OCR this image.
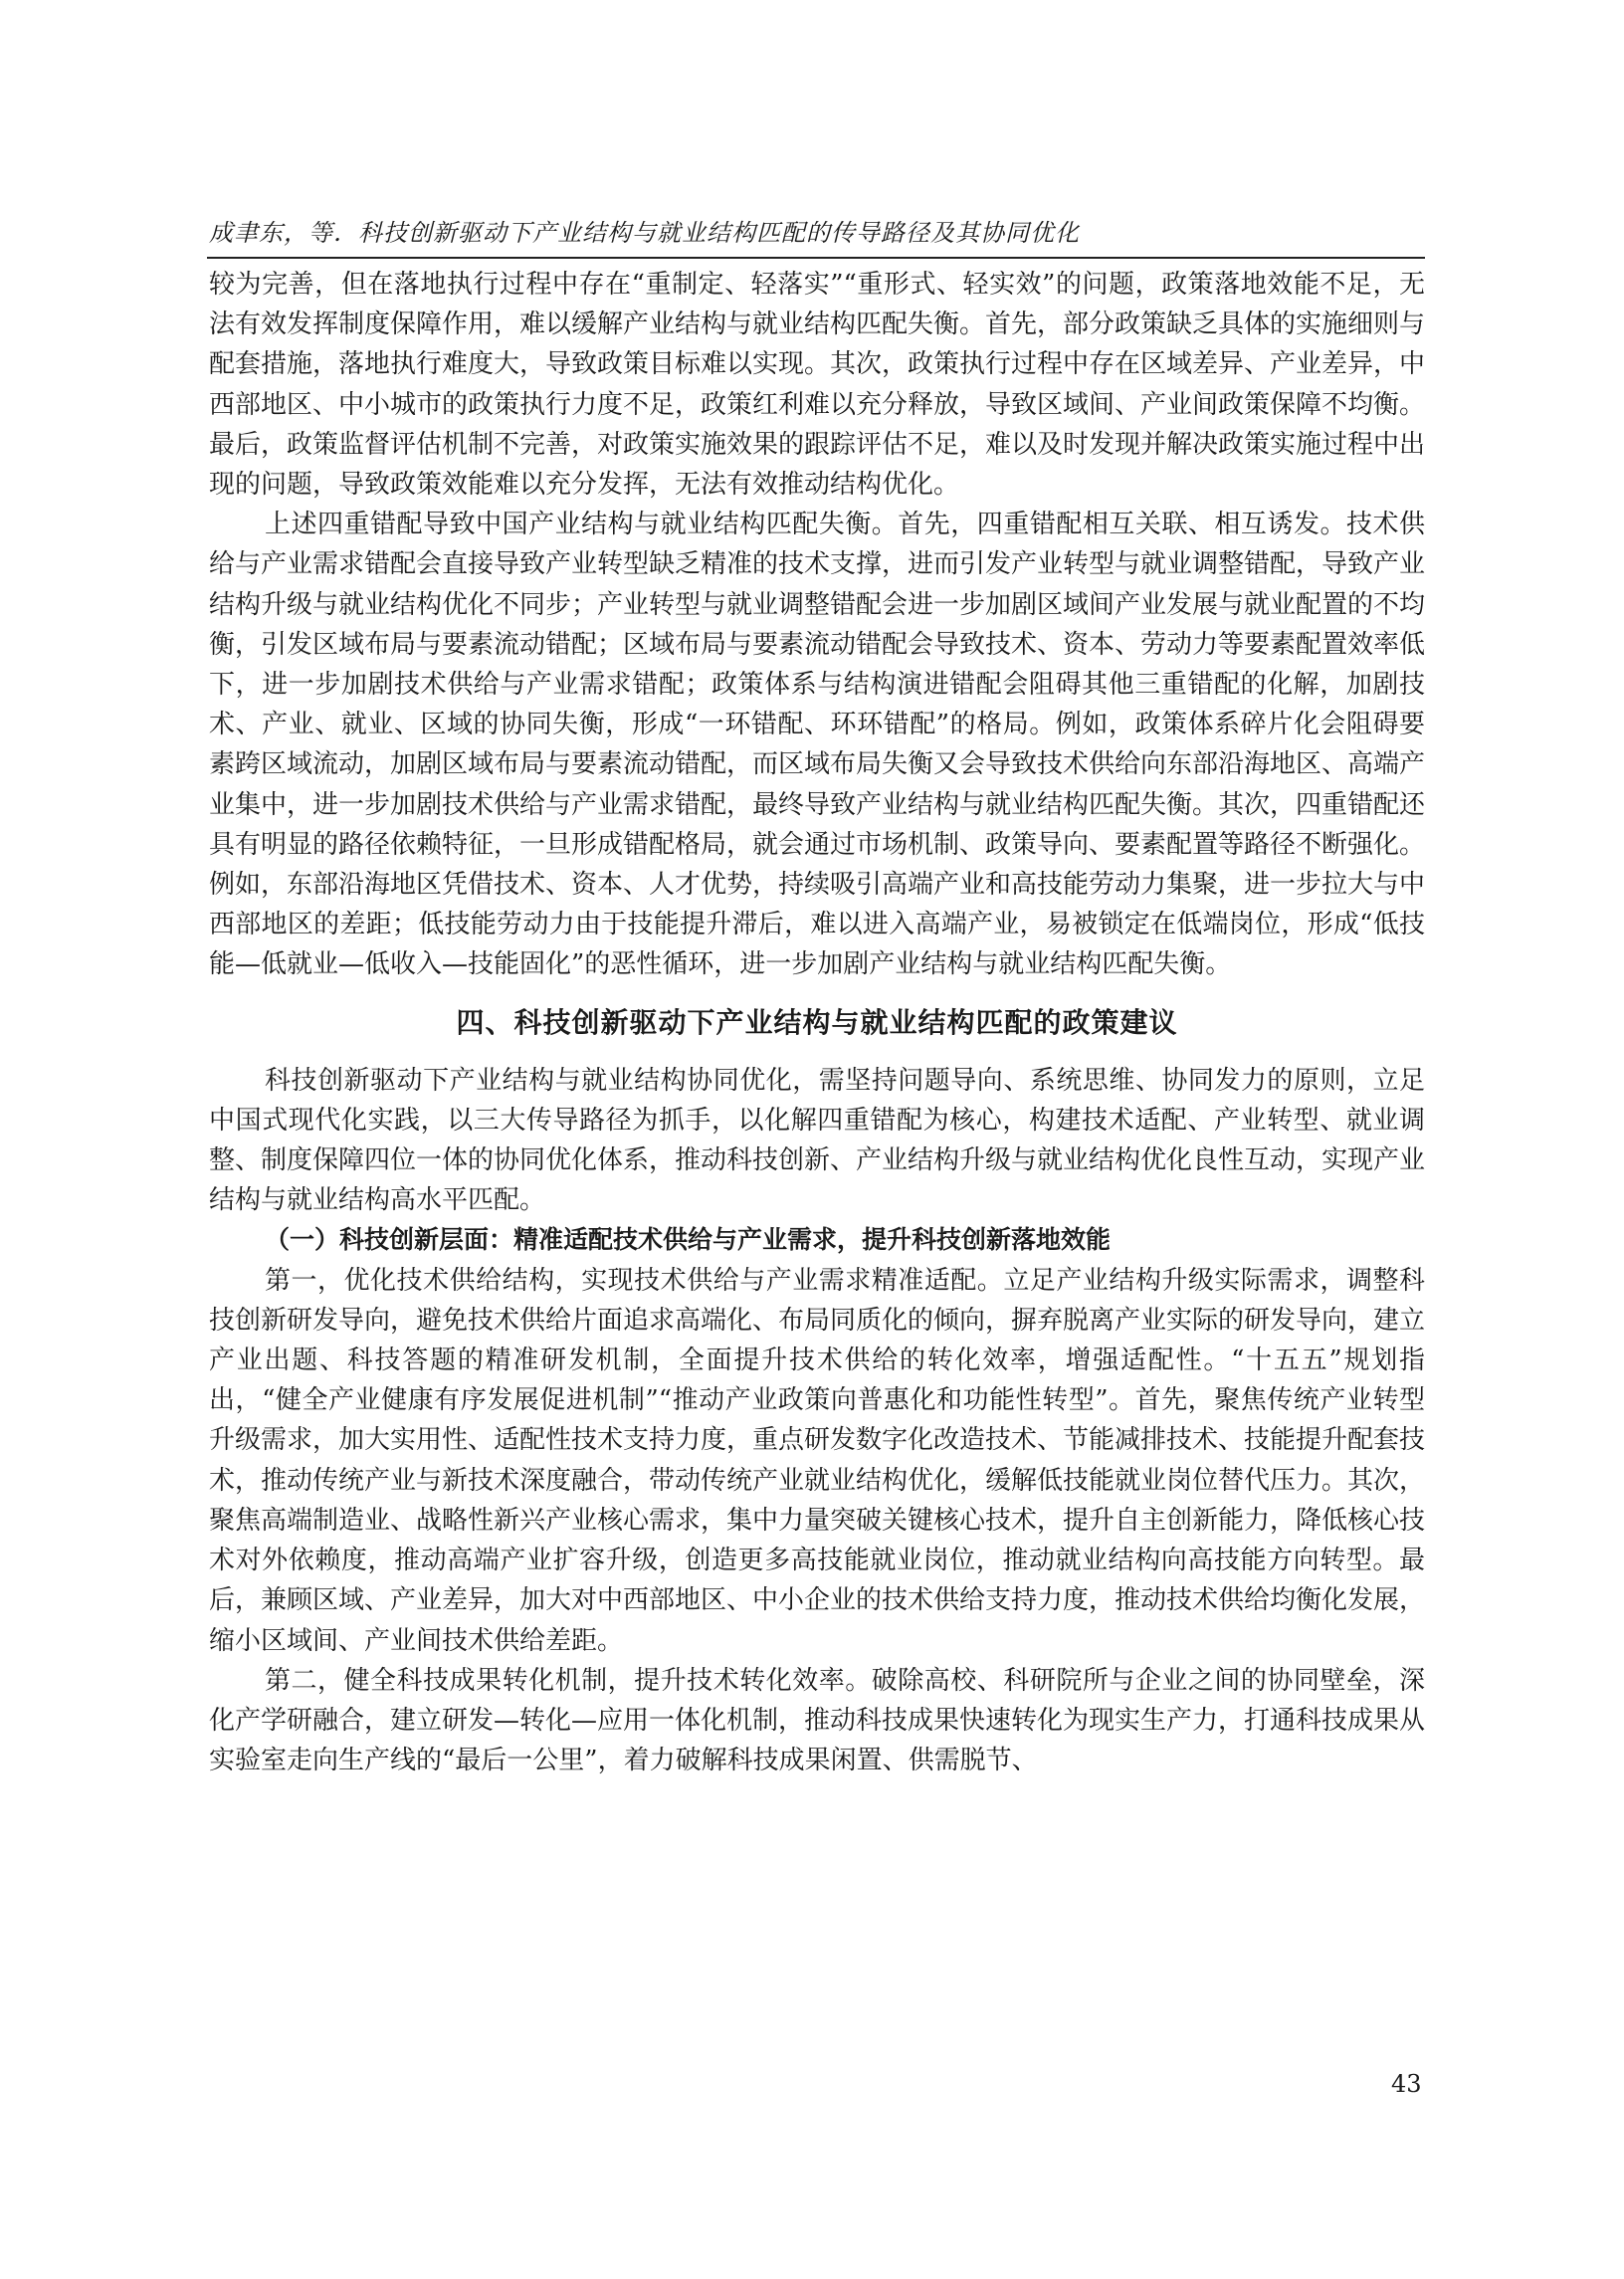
成聿东，等．科技创新驱动下产业结构与就业结构匹配的传导路径及其协同优化

较为完善，但在落地执行过程中存在“重制定、轻落实”“重形式、轻实效”的问题，政策落地效能不足，无法有效发挥制度保障作用，难以缓解产业结构与就业结构匹配失衡。首先，部分政策缺乏具体的实施细则与配套措施，落地执行难度大，导致政策目标难以实现。其次，政策执行过程中存在区域差异、产业差异，中西部地区、中小城市的政策执行力度不足，政策红利难以充分释放，导致区域间、产业间政策保障不均衡。最后，政策监督评估机制不完善，对政策实施效果的跟踪评估不足，难以及时发现并解决政策实施过程中出现的问题，导致政策效能难以充分发挥，无法有效推动结构优化。

上述四重错配导致中国产业结构与就业结构匹配失衡。首先，四重错配相互关联、相互诱发。技术供给与产业需求错配会直接导致产业转型缺乏精准的技术支撑，进而引发产业转型与就业调整错配，导致产业结构升级与就业结构优化不同步；产业转型与就业调整错配会进一步加剧区域间产业发展与就业配置的不均衡，引发区域布局与要素流动错配；区域布局与要素流动错配会导致技术、资本、劳动力等要素配置效率低下，进一步加剧技术供给与产业需求错配；政策体系与结构演进错配会阻碍其他三重错配的化解，加剧技术、产业、就业、区域的协同失衡，形成“一环错配、环环错配”的格局。例如，政策体系碎片化会阻碍要素跨区域流动，加剧区域布局与要素流动错配，而区域布局失衡又会导致技术供给向东部沿海地区、高端产业集中，进一步加剧技术供给与产业需求错配，最终导致产业结构与就业结构匹配失衡。其次，四重错配还具有明显的路径依赖特征，一旦形成错配格局，就会通过市场机制、政策导向、要素配置等路径不断强化。例如，东部沿海地区凭借技术、资本、人才优势，持续吸引高端产业和高技能劳动力集聚，进一步拉大与中西部地区的差距；低技能劳动力由于技能提升滞后，难以进入高端产业，易被锁定在低端岗位，形成“低技能—低就业—低收入—技能固化”的恶性循环，进一步加剧产业结构与就业结构匹配失衡。

四、科技创新驱动下产业结构与就业结构匹配的政策建议

科技创新驱动下产业结构与就业结构协同优化，需坚持问题导向、系统思维、协同发力的原则，立足中国式现代化实践，以三大传导路径为抓手，以化解四重错配为核心，构建技术适配、产业转型、就业调整、制度保障四位一体的协同优化体系，推动科技创新、产业结构升级与就业结构优化良性互动，实现产业结构与就业结构高水平匹配。

（一）科技创新层面：精准适配技术供给与产业需求，提升科技创新落地效能

第一，优化技术供给结构，实现技术供给与产业需求精准适配。立足产业结构升级实际需求，调整科技创新研发导向，避免技术供给片面追求高端化、布局同质化的倾向，摒弃脱离产业实际的研发导向，建立产业出题、科技答题的精准研发机制，全面提升技术供给的转化效率，增强适配性。“十五五”规划指出，“健全产业健康有序发展促进机制”“推动产业政策向普惠化和功能性转型”。首先，聚焦传统产业转型升级需求，加大实用性、适配性技术支持力度，重点研发数字化改造技术、节能减排技术、技能提升配套技术，推动传统产业与新技术深度融合，带动传统产业就业结构优化，缓解低技能就业岗位替代压力。其次，聚焦高端制造业、战略性新兴产业核心需求，集中力量突破关键核心技术，提升自主创新能力，降低核心技术对外依赖度，推动高端产业扩容升级，创造更多高技能就业岗位，推动就业结构向高技能方向转型。最后，兼顾区域、产业差异，加大对中西部地区、中小企业的技术供给支持力度，推动技术供给均衡化发展，缩小区域间、产业间技术供给差距。

第二，健全科技成果转化机制，提升技术转化效率。破除高校、科研院所与企业之间的协同壁垒，深化产学研融合，建立研发—转化—应用一体化机制，推动科技成果快速转化为现实生产力，打通科技成果从实验室走向生产线的“最后一公里”，着力破解科技成果闲置、供需脱节、

43
